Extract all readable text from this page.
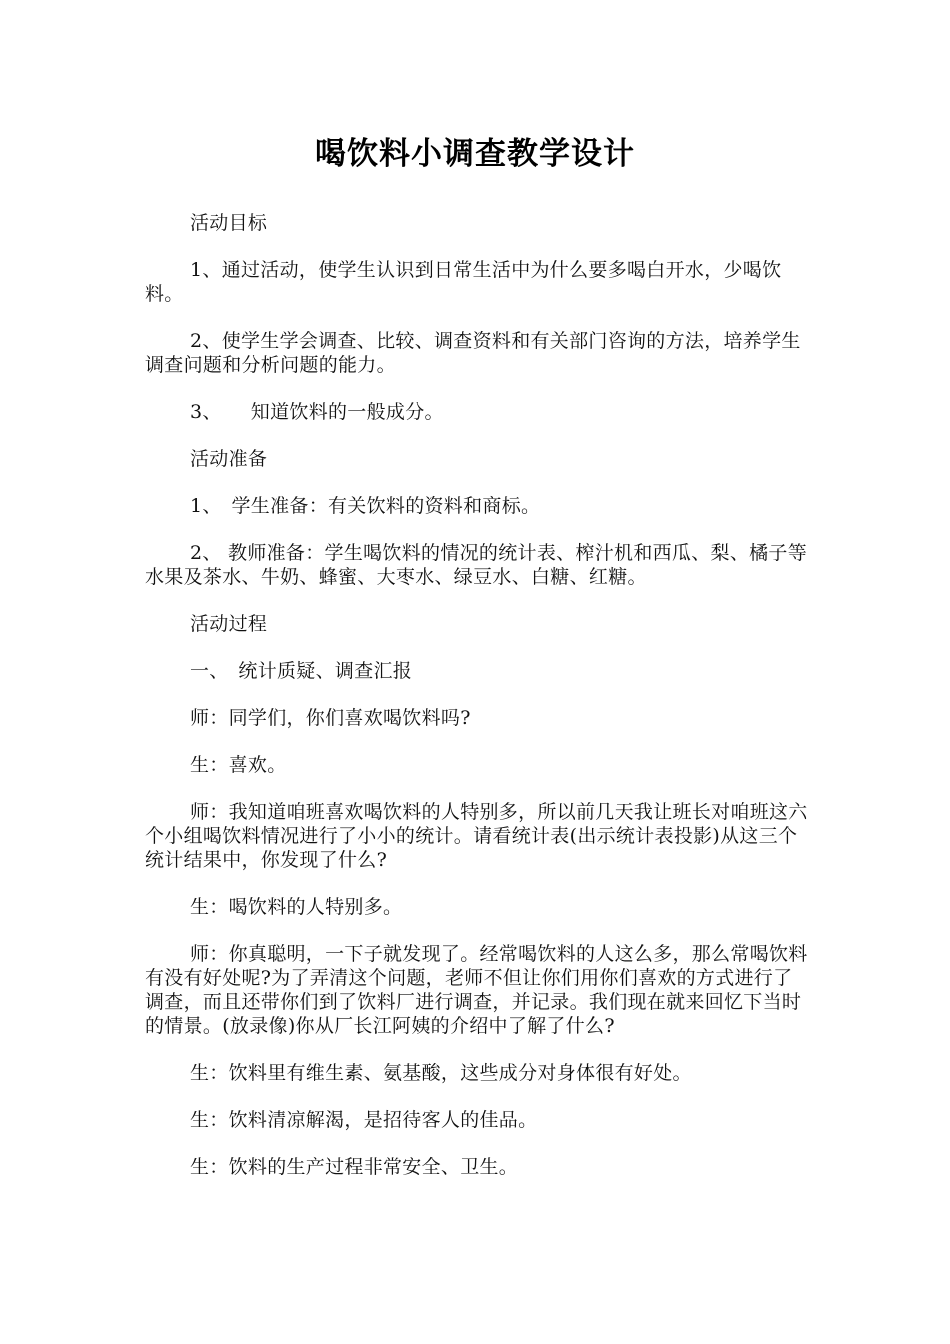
喝饮料小调查教学设计

活动目标

1、通过活动，使学生认识到日常生活中为什么要多喝白开水，少喝饮料。

2、使学生学会调查、比较、调查资料和有关部门咨询的方法，培养学生调查问题和分析问题的能力。

3、　　知道饮料的一般成分。

活动准备

1、　学生准备：有关饮料的资料和商标。

2、 教师准备：学生喝饮料的情况的统计表、榨汁机和西瓜、梨、橘子等水果及茶水、牛奶、蜂蜜、大枣水、绿豆水、白糖、红糖。

活动过程

一、　统计质疑、调查汇报

师：同学们，你们喜欢喝饮料吗?

生：喜欢。

师：我知道咱班喜欢喝饮料的人特别多，所以前几天我让班长对咱班这六个小组喝饮料情况进行了小小的统计。请看统计表(出示统计表投影)从这三个统计结果中，你发现了什么?

生：喝饮料的人特别多。

师：你真聪明，一下子就发现了。经常喝饮料的人这么多，那么常喝饮料有没有好处呢?为了弄清这个问题，老师不但让你们用你们喜欢的方式进行了调查，而且还带你们到了饮料厂进行调查，并记录。我们现在就来回忆下当时的情景。(放录像)你从厂长江阿姨的介绍中了解了什么?

生：饮料里有维生素、氨基酸，这些成分对身体很有好处。

生：饮料清凉解渴，是招待客人的佳品。

生：饮料的生产过程非常安全、卫生。
